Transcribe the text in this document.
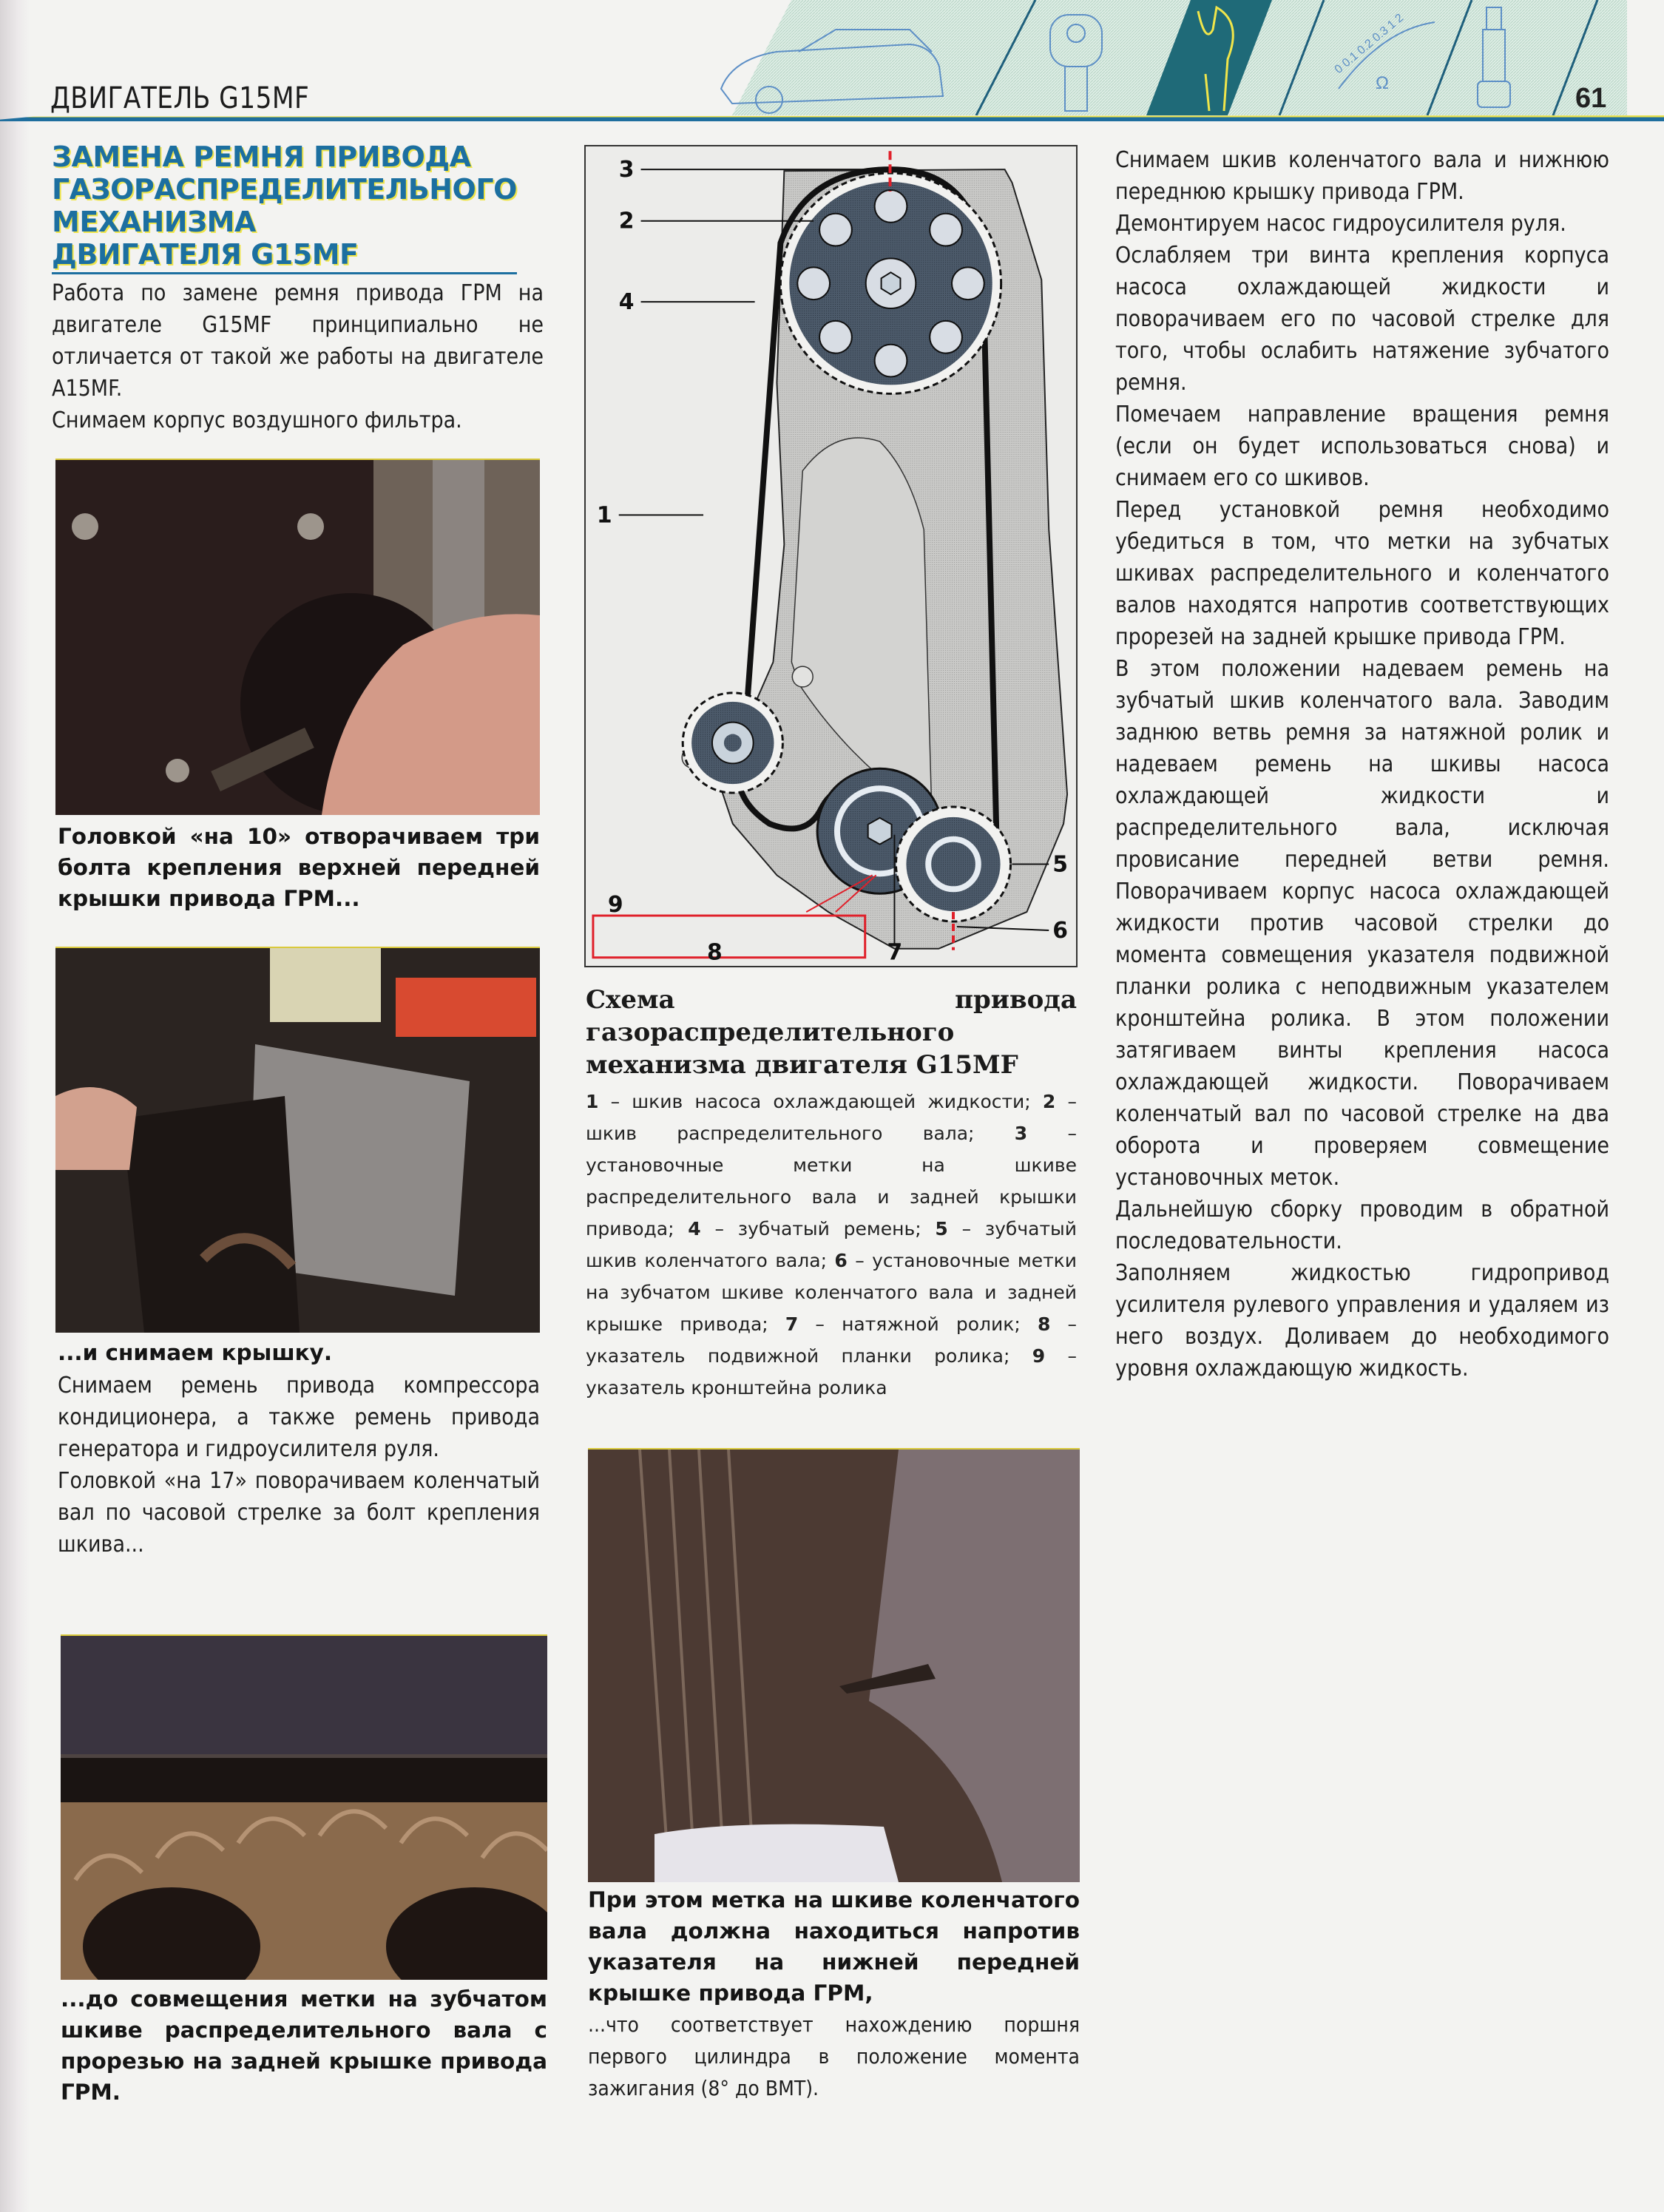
ДВИГАТЕЛЬ G15MF
0 0.1 0.2 0.3 1 2
Ω	61
ЗАМЕНА РЕМНЯ ПРИВОДА
ГАЗОРАСПРЕДЕЛИТЕЛЬНОГО
МЕХАНИЗМА
ДВИГАТЕЛЯ G15MF

Работа по замене ремня привода ГРМ на двигателе G15MF принципиально не отличается от такой же работы на двигателе A15MF.

Снимаем корпус воздушного фильтра.

Головкой «на 10» отворачиваем три болта крепления верхней передней крышки привода ГРМ...

...и снимаем крышку.

Снимаем ремень привода компрессора кондиционера, а также ремень привода генератора и гидроусилителя руля.

Головкой «на 17» поворачиваем коленчатый вал по часовой стрелке за болт крепления шкива...

...до совмещения метки на зубчатом шкиве распределительного вала с прорезью на задней крышке привода ГРМ.

3
2
4
1
5
6
7
8
9
Схема привода газораспределительного механизма двигателя G15MF

1 – шкив насоса охлаждающей жидкости; 2 – шкив распределительного вала; 3 – установочные метки на шкиве распределительного вала и задней крышки привода; 4 – зубчатый ремень; 5 – зубчатый шкив коленчатого вала; 6 – установочные метки на зубчатом шкиве коленчатого вала и задней крышке привода; 7 – натяжной ролик; 8 – указатель подвижной планки ролика; 9 – указатель кронштейна ролика

При этом метка на шкиве коленчатого вала должна находиться напротив указателя на нижней передней крышке привода ГРМ,

...что соответствует нахождению поршня первого цилиндра в положение момента зажигания (8° до ВМТ).

Снимаем шкив коленчатого вала и нижнюю переднюю крышку привода ГРМ.

Демонтируем насос гидроусилителя руля.

Ослабляем три винта крепления корпуса насоса охлаждающей жидкости и поворачиваем его по часовой стрелке для того, чтобы ослабить натяжение зубчатого ремня.

Помечаем направление вращения ремня (если он будет использоваться снова) и снимаем его со шкивов.

Перед установкой ремня необходимо убедиться в том, что метки на зубчатых шкивах распределительного и коленчатого валов находятся напротив соответствующих прорезей на задней крышке привода ГРМ.

В этом положении надеваем ремень на зубчатый шкив коленчатого вала. Заводим заднюю ветвь ремня за натяжной ролик и надеваем ремень на шкивы насоса охлаждающей жидкости и распределительного вала, исключая провисание передней ветви ремня. Поворачиваем корпус насоса охлаждающей жидкости против часовой стрелки до момента совмещения указателя подвижной планки ролика с неподвижным указателем кронштейна ролика. В этом положении затягиваем винты крепления насоса охлаждающей жидкости. Поворачиваем коленчатый вал по часовой стрелке на два оборота и проверяем совмещение установочных меток.

Дальнейшую сборку проводим в обратной последовательности.

Заполняем жидкостью гидропривод усилителя рулевого управления и удаляем из него воздух. Доливаем до необходимого уровня охлаждающую жидкость.
